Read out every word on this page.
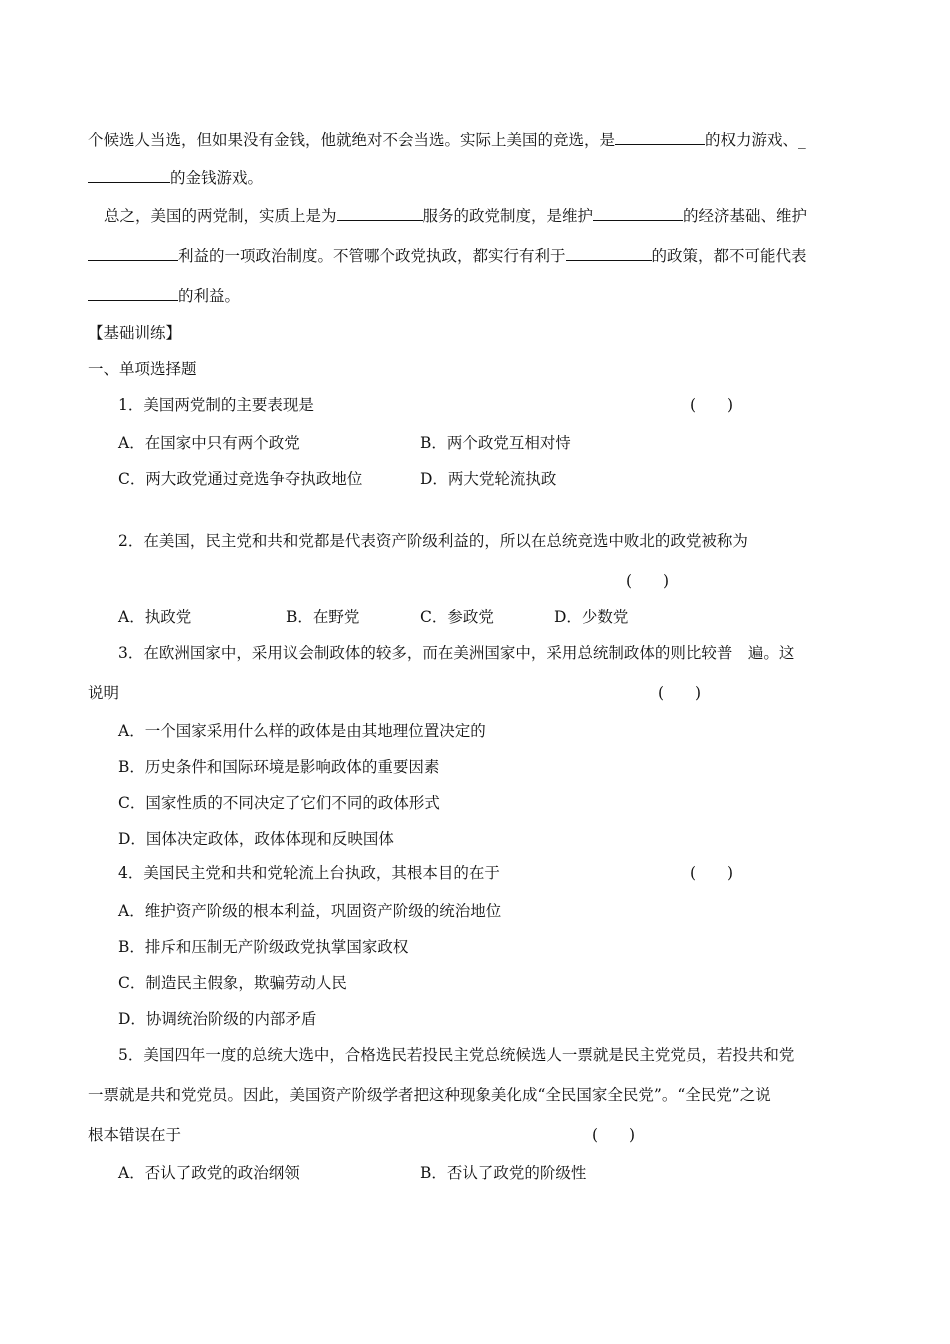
个候选人当选，但如果没有金钱，他就绝对不会当选。实际上美国的竞选，是	的权力游戏、_
的金钱游戏。
总之，美国的两党制，实质上是为	服务的政党制度，是维护	的经济基础、维护
利益的一项政治制度。不管哪个政党执政，都实行有利于	的政策，都不可能代表
的利益。
【基础训练】
一、单项选择题
1．美国两党制的主要表现是	(　　)
A．在国家中只有两个政党	B．两个政党互相对恃
C．两大政党通过竞选争夺执政地位	D．两大党轮流执政
2．在美国，民主党和共和党都是代表资产阶级利益的，所以在总统竞选中败北的政党被称为
(　　)
A．执政党	B．在野党	C．参政党	D．少数党
3．在欧洲国家中，采用议会制政体的较多，而在美洲国家中，采用总统制政体的则比较普　遍。这
说明	(　　)
A．一个国家采用什么样的政体是由其地理位置决定的
B．历史条件和国际环境是影响政体的重要因素
C．国家性质的不同决定了它们不同的政体形式
D．国体决定政体，政体体现和反映国体
4．美国民主党和共和党轮流上台执政，其根本目的在于	(　　)
A．维护资产阶级的根本利益，巩固资产阶级的统治地位
B．排斥和压制无产阶级政党执掌国家政权
C．制造民主假象，欺骗劳动人民
D．协调统治阶级的内部矛盾
5．美国四年一度的总统大选中，合格选民若投民主党总统候选人一票就是民主党党员，若投共和党
一票就是共和党党员。因此，美国资产阶级学者把这种现象美化成“全民国家全民党”。“全民党”之说
根本错误在于	(　　)
A．否认了政党的政治纲领	B．否认了政党的阶级性
